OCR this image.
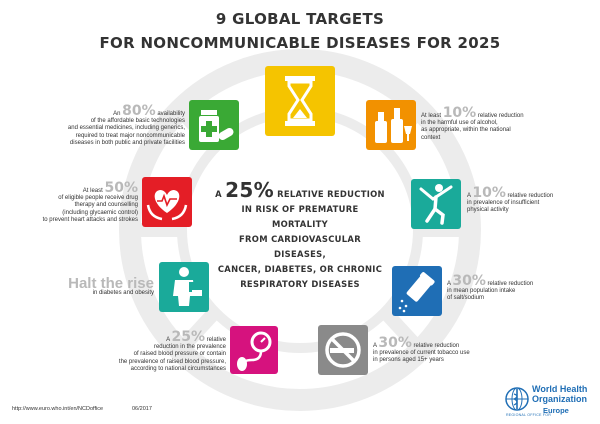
9 GLOBAL TARGETS
FOR NONCOMMUNICABLE DISEASES FOR 2025
A 25% RELATIVE REDUCTION
IN RISK OF PREMATURE MORTALITY
FROM CARDIOVASCULAR DISEASES,
CANCER, DIABETES, OR CHRONIC
RESPIRATORY DISEASES
An 80% availability
of the affordable basic technologies
and essential medicines, including generics,
required to treat major noncommunicable
diseases in both public and private facilities
At least 10% relative reduction
in the harmful use of alcohol,
as appropriate, within the national
context
At least 50%
of eligible people receive drug
therapy and counselling
(including glycaemic control)
to prevent heart attacks and strokes
A 10% relative reduction
in prevalence of insufficient
physical activity
Halt the rise
in diabetes and obesity
A 30% relative reduction
in mean population intake
of salt/sodium
A 25% relative
reduction in the prevalence
of raised blood pressure or contain
the prevalence of raised blood pressure,
according to national circumstances
A 30% relative reduction
in prevalence of current tobacco use
in persons aged 15+ years
http://www.euro.who.int/en/NCDoffice	06/2017
World Health
Organization
REGIONAL OFFICE FOR
Europe
